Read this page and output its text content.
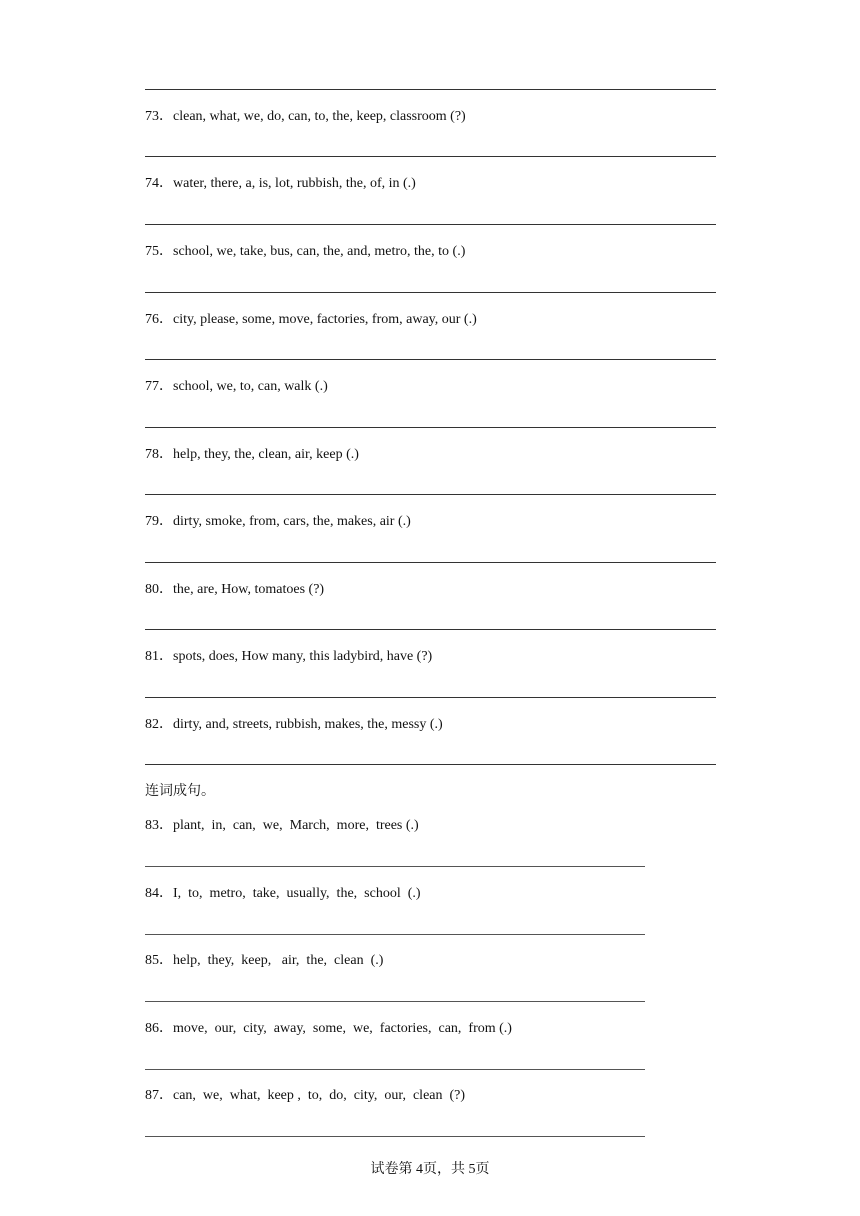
73．clean, what, we, do, can, to, the, keep, classroom (?)
74．water, there, a, is, lot, rubbish, the, of, in (.)
75．school, we, take, bus, can, the, and, metro, the, to (.)
76．city, please, some, move, factories, from, away, our (.)
77．school, we, to, can, walk (.)
78．help, they, the, clean, air, keep (.)
79．dirty, smoke, from, cars, the, makes, air (.)
80．the, are, How, tomatoes (?)
81．spots, does, How many, this ladybird, have (?)
82．dirty, and, streets, rubbish, makes, the, messy (.)
连词成句。
83．plant,  in,  can,  we,  March,  more,  trees (.)
84．I,  to,  metro,  take,  usually,  the,  school  (.)
85．help,  they,  keep,   air,  the,  clean  (.)
86．move,  our,  city,  away,  some,  we,  factories,  can,  from (.)
87．can,  we,  what,  keep ,  to,  do,  city,  our,  clean  (?)
试卷第 4页，共 5页
